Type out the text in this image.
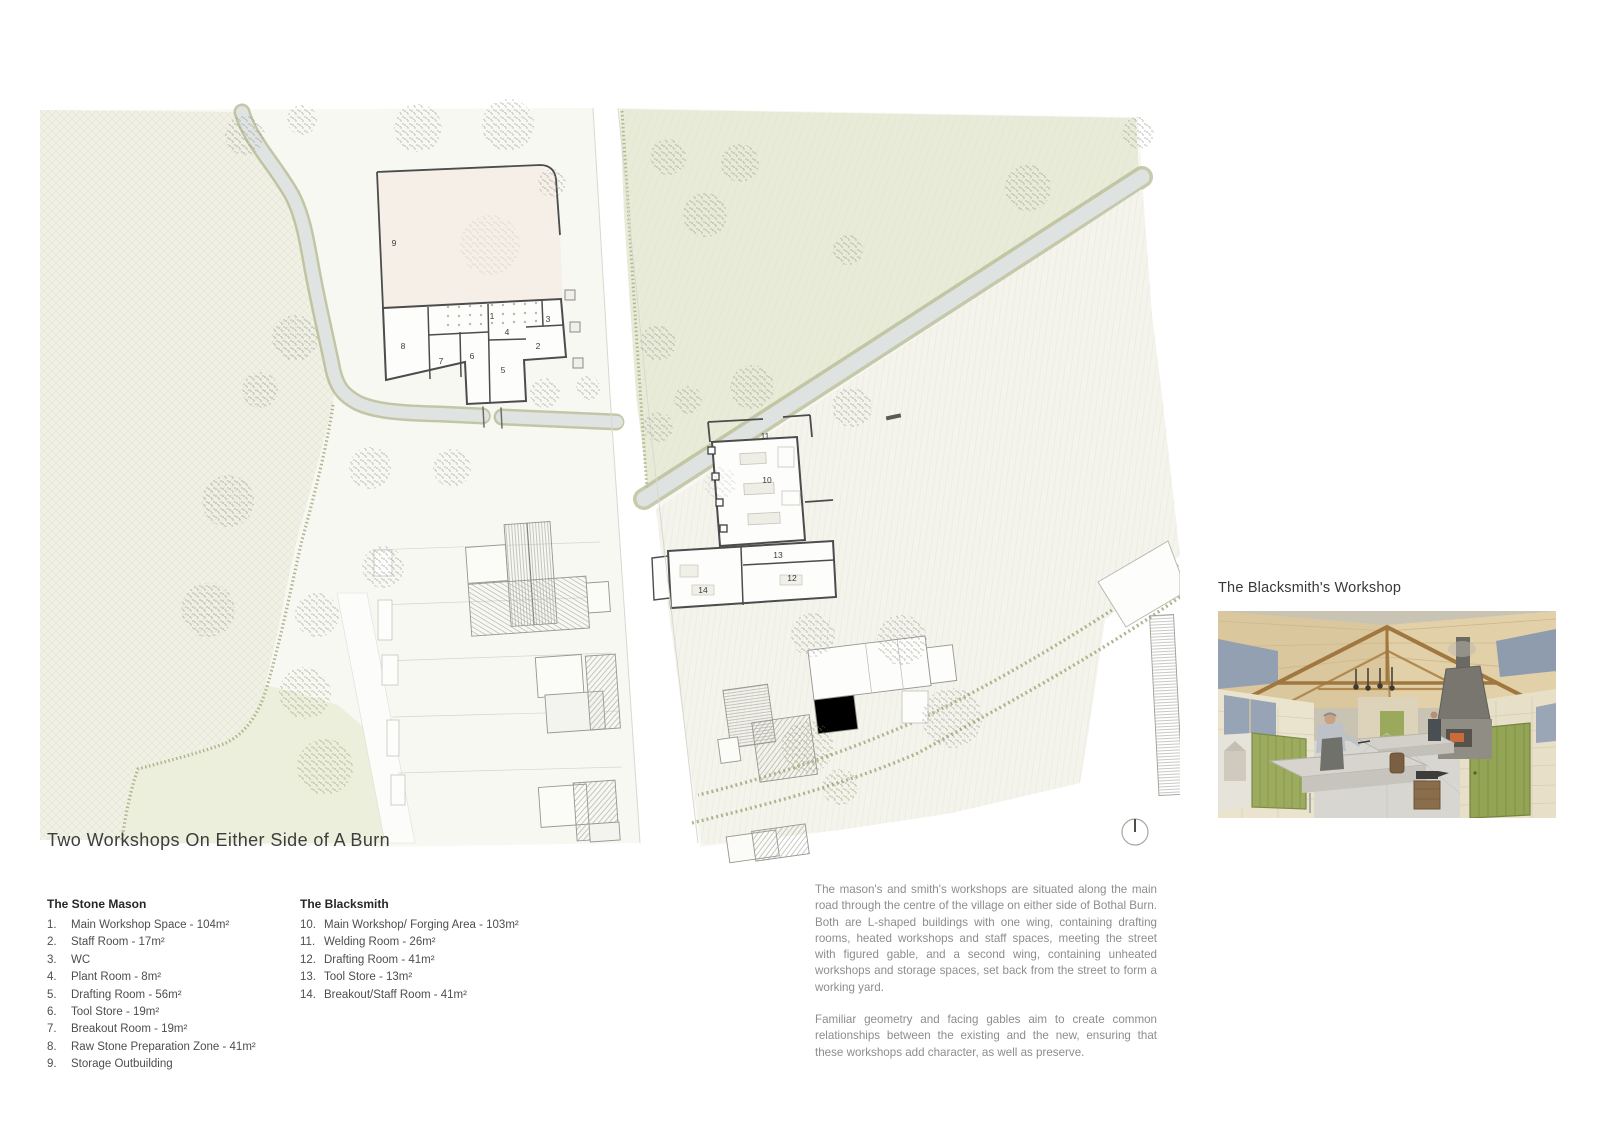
1
2
3
4
5
6
7
8
9
10
11
12
13
14
Two Workshops On Either Side of A Burn
The Stone Mason
1.	Main Workshop Space - 104m²
2.	Staff Room - 17m²
3.	WC
4.	Plant Room - 8m²
5.	Drafting Room - 56m²
6.	Tool Store - 19m²
7.	Breakout Room - 19m²
8.	Raw Stone Preparation Zone - 41m²
9.	Storage Outbuilding
The Blacksmith
10. Main Workshop/ Forging Area - 103m²
11. Welding Room - 26m²
12. Drafting Room - 41m²
13. Tool Store - 13m²
14. Breakout/Staff Room - 41m²

The mason's and smith's workshops are situated along the main road through the centre of the village on either side of Bothal Burn. Both are L-shaped buildings with one wing, containing drafting rooms, heated workshops and staff spaces, meeting the street with figured gable, and a second wing, containing unheated workshops and storage spaces, set back from the street to form a working yard.

Familiar geometry and facing gables aim to create common relationships between the existing and the new, ensuring that these workshops add character, as well as preserve.

The Blacksmith's Workshop
